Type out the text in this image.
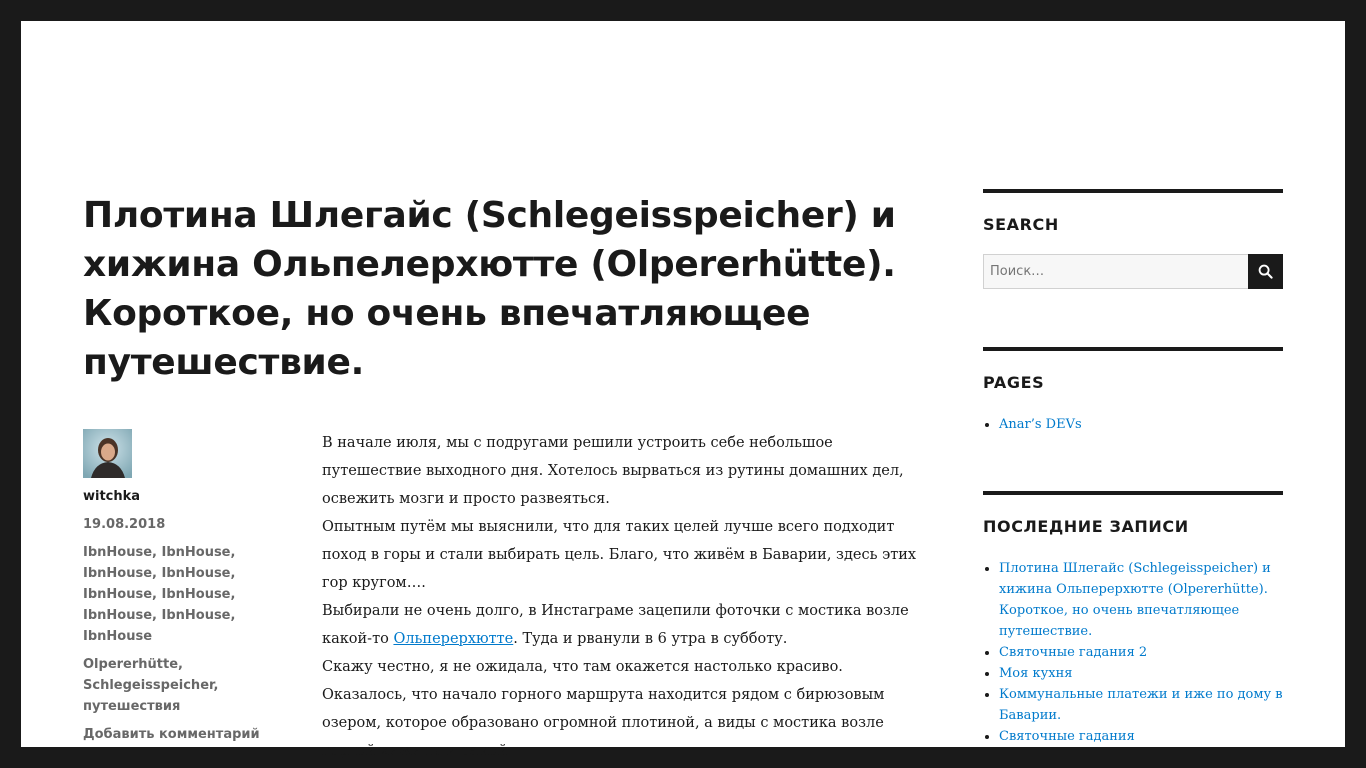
Плотина Шлегайс (Schlegeisspeicher) и хижина Ольпелерхютте (Olpererhütte). Короткое, но очень впечатляющее путешествие.
witchka
19.08.2018
IbnHouse, IbnHouse, IbnHouse, IbnHouse, IbnHouse, IbnHouse, IbnHouse, IbnHouse, IbnHouse
Olpererhütte, Schlegeisspeicher, путешествия
Добавить комментарий

В начале июля, мы с подругами решили устроить себе небольшое путешествие выходного дня. Хотелось вырваться из рутины домашних дел, освежить мозги и просто развеяться.

Опытным путём мы выяснили, что для таких целей лучше всего подходит поход в горы и стали выбирать цель. Благо, что живём в Баварии, здесь этих гор кругом….

Выбирали не очень долго, в Инстаграме зацепили фоточки с мостика возле какой-то Ольперерхютте. Туда и рванули в 6 утра в субботу.

Скажу честно, я не ожидала, что там окажется настолько красиво. Оказалось, что начало горного маршрута находится рядом с бирюзовым озером, которое образовано огромной плотиной, а виды с мостика возле горной хижины и самой

SEARCH
Поиск…
PAGES
• Anar’s DEVs
ПОСЛЕДНИЕ ЗАПИСИ
• Плотина Шлегайс (Schlegeisspeicher) и хижина Ольперерхютте (Olpererhütte). Короткое, но очень впечатляющее путешествие.
• Святочные гадания 2
• Моя кухня
• Коммунальные платежи и иже по дому в Баварии.
• Святочные гадания
